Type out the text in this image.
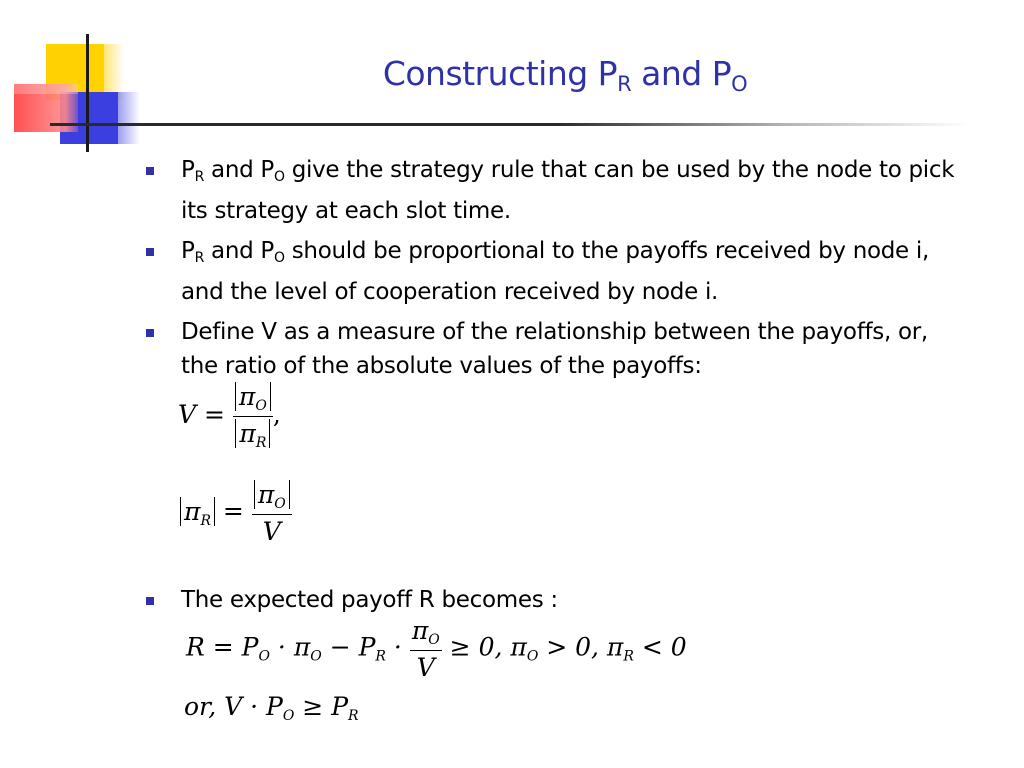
Constructing $P_R$ and $P_O$
$P_R$ and $P_O$ give the strategy rule that can be used by the node to pick its strategy at each slot time.
$P_R$ and $P_O$ should be proportional to the payoffs received by node i, and the level of cooperation received by node i.
Define V as a measure of the relationship between the payoffs, or, the ratio of the absolute values of the payoffs:
$V = \frac{\pi_O}{\pi_R}$ ,
$\pi_R = \frac{\pi_O}{V}$
The expected payoff R becomes :
$R = P_O \cdot \pi_O - P_R \cdot \frac{\pi_O}{V} \ge 0$, $\pi_O > 0$, $\pi_R < 0$
or, $V \cdot P_O \ge P_R$
